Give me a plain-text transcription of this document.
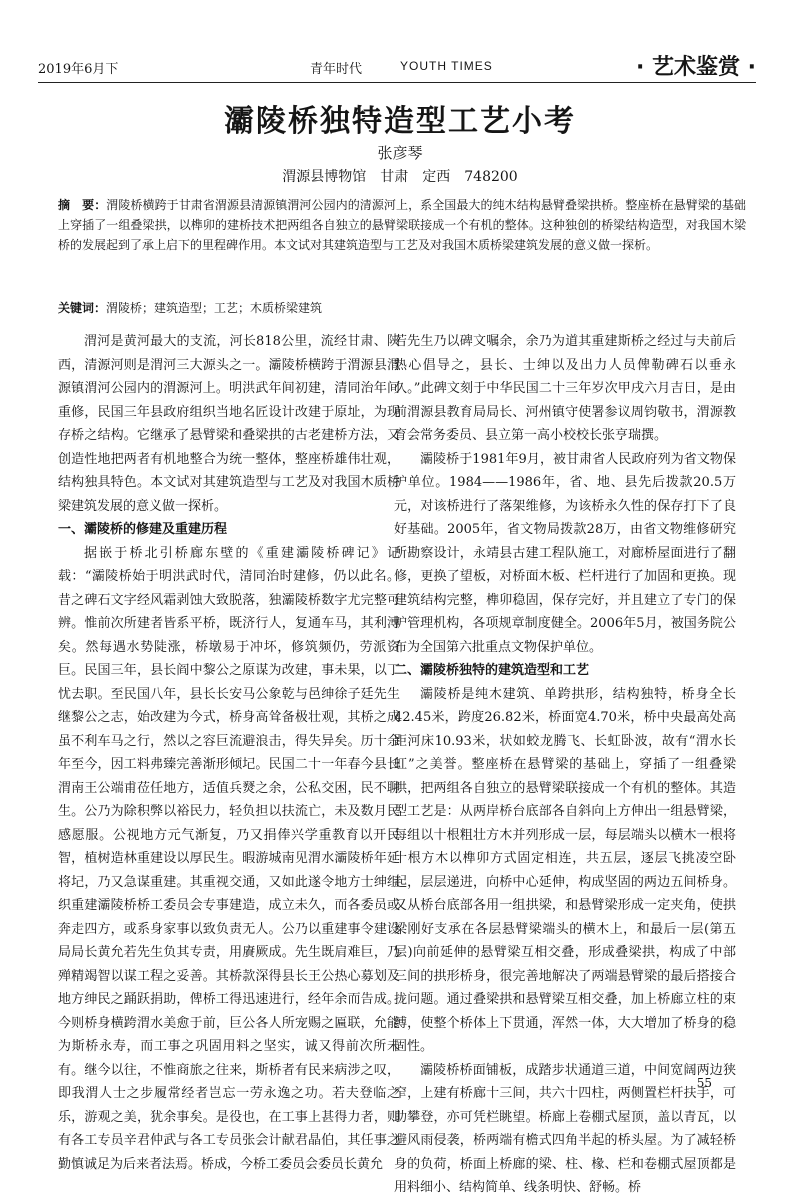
2019年6月下	青年时代	YOUTH TIMES	· 艺术鉴赏 ·
灞陵桥独特造型工艺小考
张彦琴
渭源县博物馆　甘肃　定西　748200
摘　要：渭陵桥横跨于甘肃省渭源县清源镇渭河公园内的清源河上，系全国最大的纯木结构悬臂叠梁拱桥。整座桥在悬臂梁的基础上穿插了一组叠梁拱，以榫卯的建桥技术把两组各自独立的悬臂梁联接成一个有机的整体。这种独创的桥梁结构造型，对我国木梁桥的发展起到了承上启下的里程碑作用。本文试对其建筑造型与工艺及对我国木质桥梁建筑发展的意义做一探析。
关键词：渭陵桥；建筑造型；工艺；木质桥梁建筑

渭河是黄河最大的支流，河长818公里，流经甘肃、陕西，清源河则是渭河三大源头之一。灞陵桥横跨于渭源县渭源镇渭河公园内的渭源河上。明洪武年间初建，清同治年间重修，民国三年县政府组织当地名匠设计改建于原址，为现存桥之结构。它继承了悬臂梁和叠梁拱的古老建桥方法，又创造性地把两者有机地整合为统一整体，整座桥雄伟壮观，结构独具特色。本文试对其建筑造型与工艺及对我国木质桥梁建筑发展的意义做一探析。

一、灞陵桥的修建及重建历程

据嵌于桥北引桥廊东壁的《重建灞陵桥碑记》记载：“灞陵桥始于明洪武时代，清同治时建修，仍以此名。昔之碑石文字经风霜剥蚀大致脱落，独灞陵桥数字尤完整可辨。惟前次所建者皆系平桥，既济行人，复通车马，其利溥矣。然每遇水势陡涨，桥墩易于冲坏，修筑频仍，劳派资巨。民国三年，县长阎中黎公之原谋为改建，事未果，以丁忧去职。至民国八年，县长长安马公象乾与邑绅徐子廷先生继黎公之志，始改建为今式，桥身高耸备极壮观，其桥之成虽不利车马之行，然以之容巨流避浪击，得失异矣。历十余年至今，因工料弗臻完善渐形倾圮。民国二十一年春今县长渭南王公端甫莅任地方，适值兵燹之余，公私交困，民不聊生。公乃为除积弊以裕民力，轻负担以扶流亡，未及数月民感愿服。公视地方元气渐复，乃又捐俸兴学重教育以开民智，植树造林重建设以厚民生。暇游城南见渭水灞陵桥年延将圮，乃又急谋重建。其重视交通，又如此遂令地方士绅组织重建灞陵桥桥工委员会专事建造，成立未久，而各委员或奔走四方，或系身家事以致负责无人。公乃以重建事令建设局局长黄允若先生负其专责，用賡厥成。先生既肩难巨，乃殚精竭智以谋工程之妥善。其桥款深得县长王公热心募划及地方绅民之踊跃捐助，俾桥工得迅速进行，经年余而告成。今则桥身横跨渭水美愈于前，巨公各人所宠赐之匾联，允能为斯桥永寿，而工事之巩固用料之坚实，诚又得前次所未有。继今以往，不惟商旅之往来，斯桥者有民来病涉之叹，即我渭人士之步履常经者岂忘一劳永逸之功。若夫登临之乐，游观之美，犹余事矣。是役也，在工事上甚得力者，则有各工专员辛君仲武与各工专员张会计献君晶伯，其任事之勤慎诚足为后来者法焉。桥成，今桥工委员会委员长黄允

若先生乃以碑文嘱余，余乃为道其重建斯桥之经过与夫前后热心倡导之，县长、士绅以及出力人员俾勒碑石以垂永久。”此碑文刻于中华民国二十三年岁次甲戌六月吉日，是由前渭源县教育局局长、河州镇守使署参议周钧敬书，渭源教育会常务委员、县立第一高小校校长张亨瑞撰。

灞陵桥于1981年9月，被甘肃省人民政府列为省文物保护单位。1984——1986年，省、地、县先后拨款20.5万元，对该桥进行了落架维修，为该桥永久性的保存打下了良好基础。2005年，省文物局拨款28万，由省文物维修研究所勘察设计，永靖县古建工程队施工，对廊桥屋面进行了翻修，更换了望板，对桥面木板、栏杆进行了加固和更换。现建筑结构完整，榫卯稳固，保存完好，并且建立了专门的保护管理机构，各项规章制度健全。2006年5月，被国务院公布为全国第六批重点文物保护单位。

二、灞陵桥独特的建筑造型和工艺

灞陵桥是纯木建筑、单跨拱形，结构独特，桥身全长42.45米，跨度26.82米，桥面宽4.70米，桥中央最高处高距河床10.93米，状如蛟龙腾飞、长虹卧波，故有“渭水长虹”之美誉。整座桥在悬臂梁的基础上，穿插了一组叠梁拱，把两组各自独立的悬臂梁联接成一个有机的整体。其造型工艺是：从两岸桥台底部各自斜向上方伸出一组悬臂梁，每组以十根粗壮方木并列形成一层，每层端头以横木一根将十根方木以榫卯方式固定相连，共五层，逐层飞挑凌空卧起，层层递进，向桥中心延伸，构成坚固的两边五间桥身。又从桥台底部各用一组拱梁，和悬臂梁形成一定夹角，使拱梁刚好支承在各层悬臂梁端头的横木上，和最后一层(第五层)向前延伸的悬臂梁互相交叠，形成叠梁拱，构成了中部三间的拱形桥身，很完善地解决了两端悬臂梁的最后搭接合拢问题。通过叠梁拱和悬臂梁互相交叠，加上桥廊立柱的束缚，使整个桥体上下贯通，浑然一体，大大增加了桥身的稳固性。

灞陵桥桥面铺板，成踏步状通道三道，中间宽阔两边狭窄，上建有桥廊十三间，共六十四柱，两侧置栏杆扶手，可助攀登，亦可凭栏眺望。桥廊上卷棚式屋顶，盖以青瓦，以避风雨侵袭，桥两端有檐式四角半起的桥头屋。为了减轻桥身的负荷，桥面上桥廊的梁、柱、椽、栏和卷棚式屋顶都是用料细小、结构简单、线条明快、舒畅。桥

55
